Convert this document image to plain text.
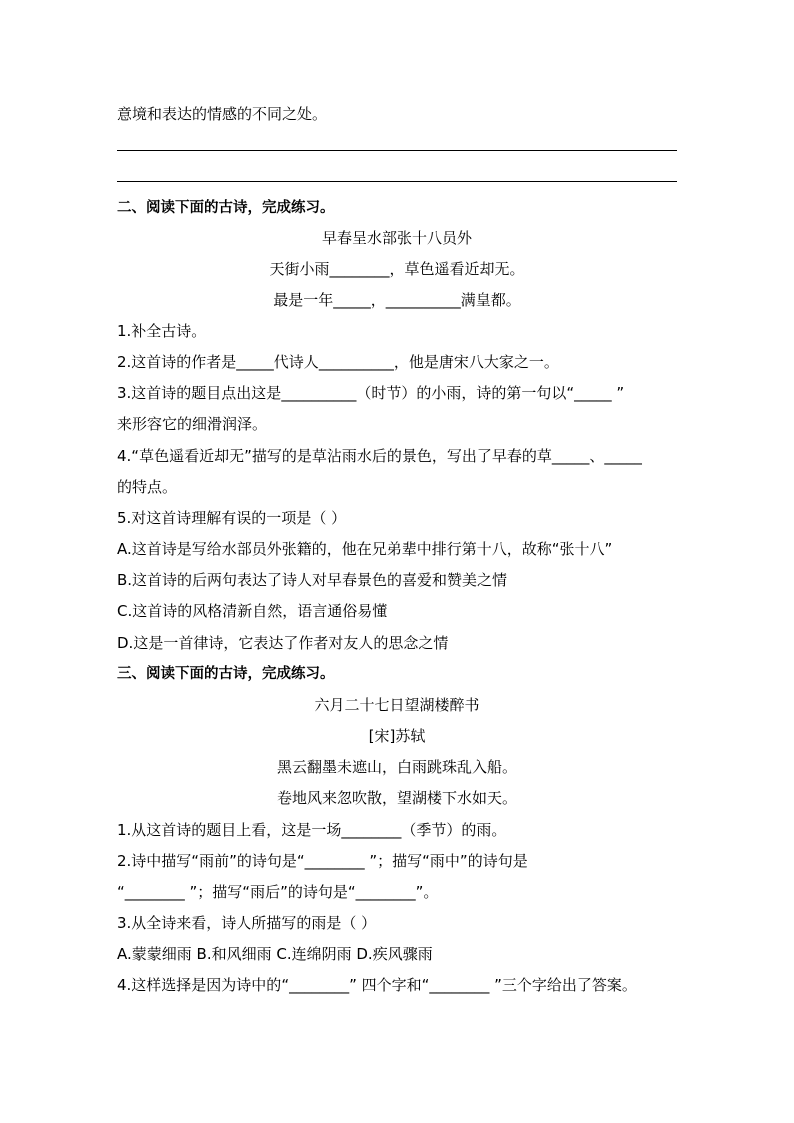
意境和表达的情感的不同之处。
二、阅读下面的古诗，完成练习。
早春呈水部张十八员外
天街小雨________，草色遥看近却无。
最是一年_____，__________满皇都。
1.补全古诗。
2.这首诗的作者是_____代诗人__________，他是唐宋八大家之一。
3.这首诗的题目点出这是__________（时节）的小雨，诗的第一句以“_____ ”
来形容它的细滑润泽。
4.“草色遥看近却无”描写的是草沾雨水后的景色，写出了早春的草_____、_____
的特点。
5.对这首诗理解有误的一项是（ ）
A.这首诗是写给水部员外张籍的，他在兄弟辈中排行第十八，故称“张十八”
B.这首诗的后两句表达了诗人对早春景色的喜爱和赞美之情
C.这首诗的风格清新自然，语言通俗易懂
D.这是一首律诗，它表达了作者对友人的思念之情
三、阅读下面的古诗，完成练习。
六月二十七日望湖楼醉书
[宋]苏轼
黑云翻墨未遮山，白雨跳珠乱入船。
卷地风来忽吹散，望湖楼下水如天。
1.从这首诗的题目上看，这是一场________（季节）的雨。
2.诗中描写“雨前”的诗句是“________ ”；描写“雨中”的诗句是
“________ ”；描写“雨后”的诗句是“________”。
3.从全诗来看，诗人所描写的雨是（ ）
A.蒙蒙细雨 B.和风细雨 C.连绵阴雨 D.疾风骤雨
4.这样选择是因为诗中的“________” 四个字和“________ ”三个字给出了答案。
